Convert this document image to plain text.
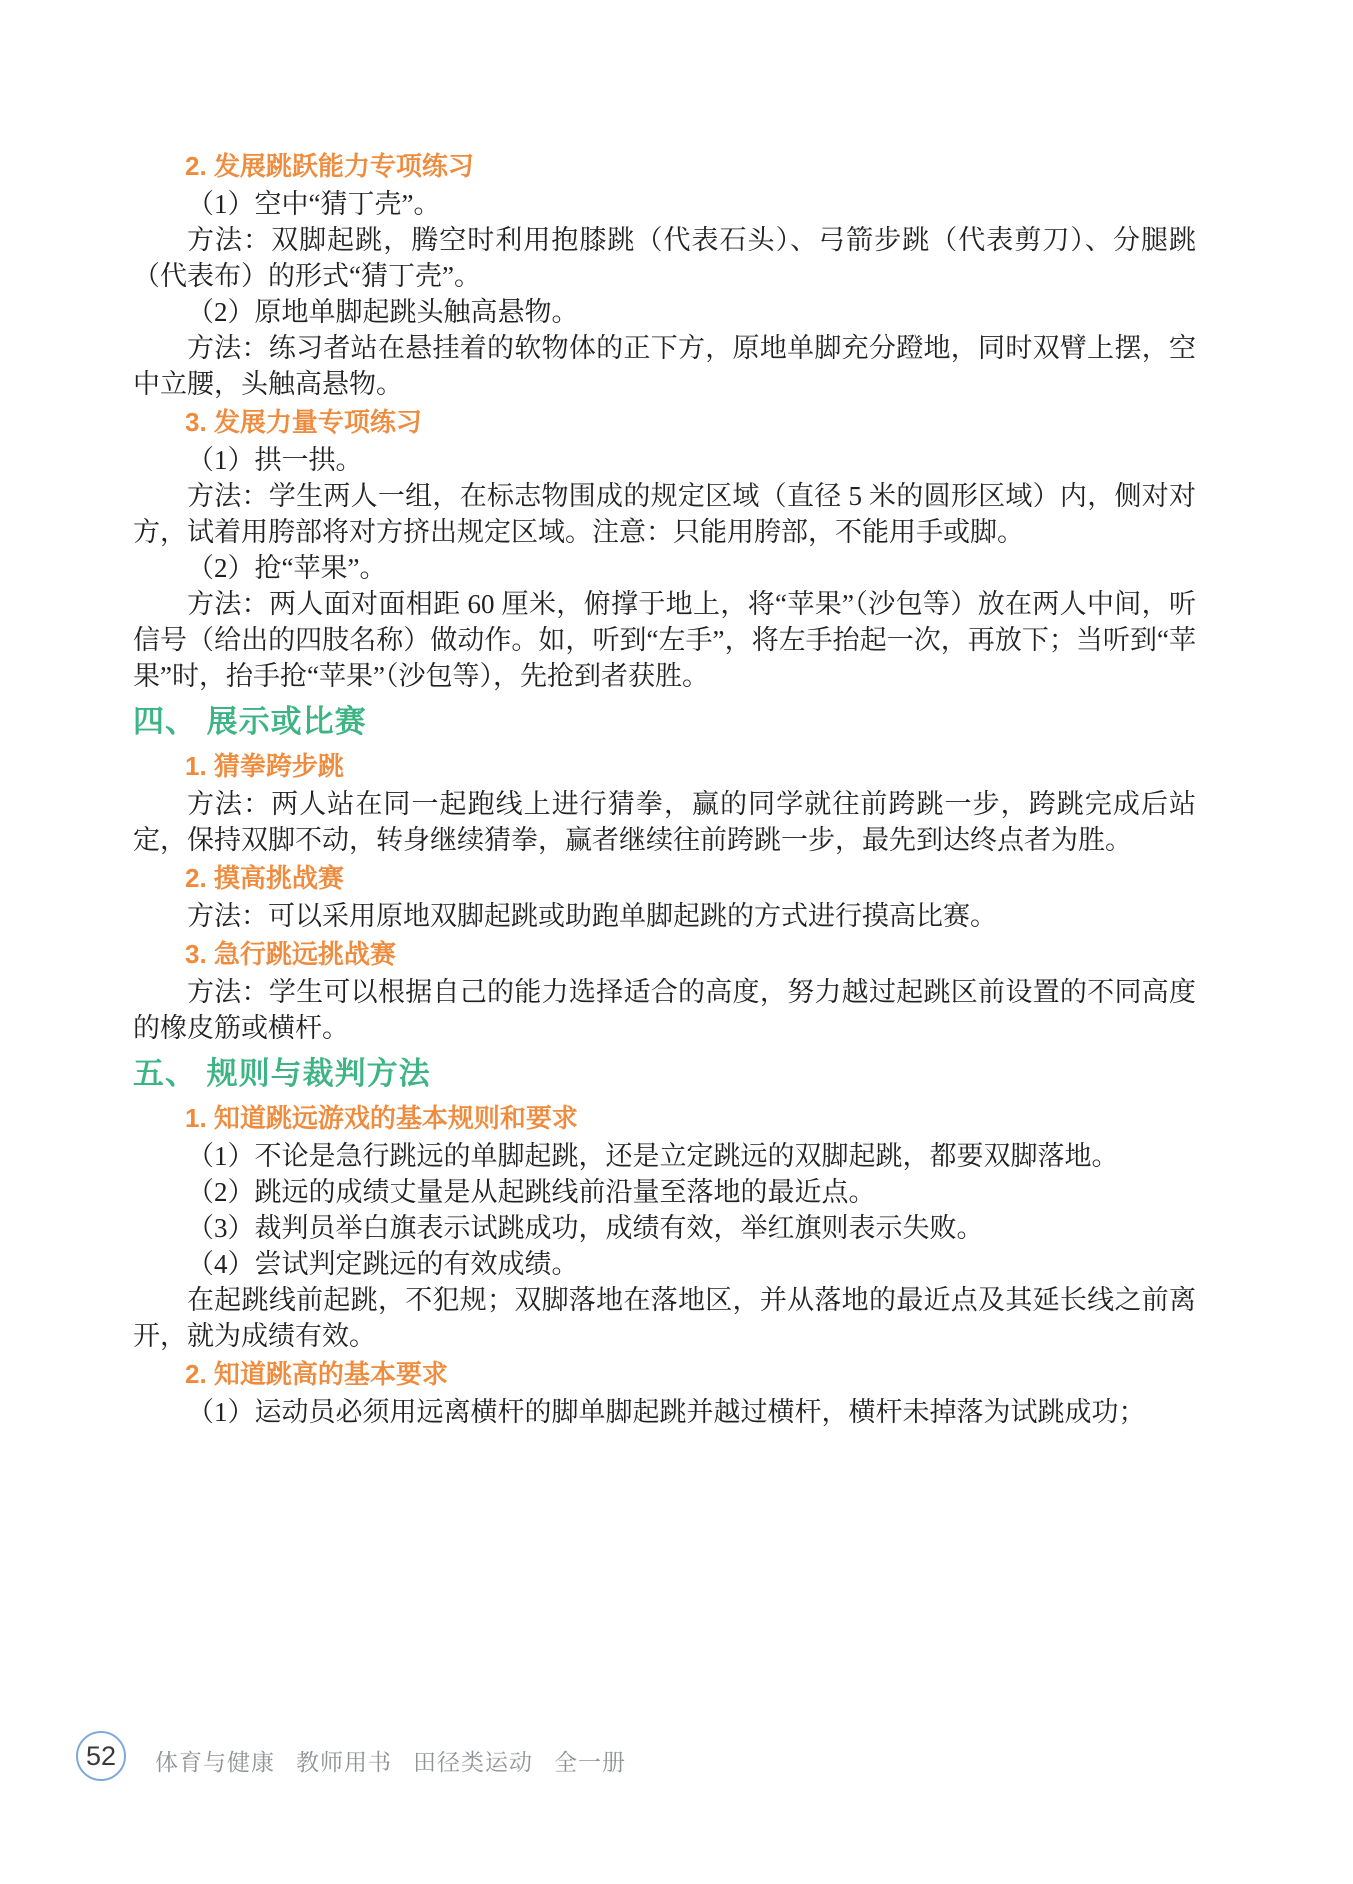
2. 发展跳跃能力专项练习

（1）空中“猜丁壳”。

方法：双脚起跳，腾空时利用抱膝跳（代表石头）、弓箭步跳（代表剪刀）、分腿跳（代表布）的形式“猜丁壳”。

（2）原地单脚起跳头触高悬物。

方法：练习者站在悬挂着的软物体的正下方，原地单脚充分蹬地，同时双臂上摆，空中立腰，头触高悬物。

3. 发展力量专项练习

（1）拱一拱。

方法：学生两人一组，在标志物围成的规定区域（直径 5 米的圆形区域）内，侧对对方，试着用胯部将对方挤出规定区域。注意：只能用胯部，不能用手或脚。

（2）抢“苹果”。

方法：两人面对面相距 60 厘米，俯撑于地上，将“苹果”（沙包等）放在两人中间，听信号（给出的四肢名称）做动作。如，听到“左手”，将左手抬起一次，再放下；当听到“苹果”时，抬手抢“苹果”（沙包等），先抢到者获胜。

四、 展示或比赛

1. 猜拳跨步跳

方法：两人站在同一起跑线上进行猜拳，赢的同学就往前跨跳一步，跨跳完成后站定，保持双脚不动，转身继续猜拳，赢者继续往前跨跳一步，最先到达终点者为胜。

2. 摸高挑战赛

方法：可以采用原地双脚起跳或助跑单脚起跳的方式进行摸高比赛。

3. 急行跳远挑战赛

方法：学生可以根据自己的能力选择适合的高度，努力越过起跳区前设置的不同高度的橡皮筋或横杆。

五、 规则与裁判方法

1. 知道跳远游戏的基本规则和要求

（1）不论是急行跳远的单脚起跳，还是立定跳远的双脚起跳，都要双脚落地。

（2）跳远的成绩丈量是从起跳线前沿量至落地的最近点。

（3）裁判员举白旗表示试跳成功，成绩有效，举红旗则表示失败。

（4）尝试判定跳远的有效成绩。

在起跳线前起跳，不犯规；双脚落地在落地区，并从落地的最近点及其延长线之前离开，就为成绩有效。

2. 知道跳高的基本要求

（1）运动员必须用远离横杆的脚单脚起跳并越过横杆，横杆未掉落为试跳成功；

52 体育与健康 教师用书 田径类运动 全一册
